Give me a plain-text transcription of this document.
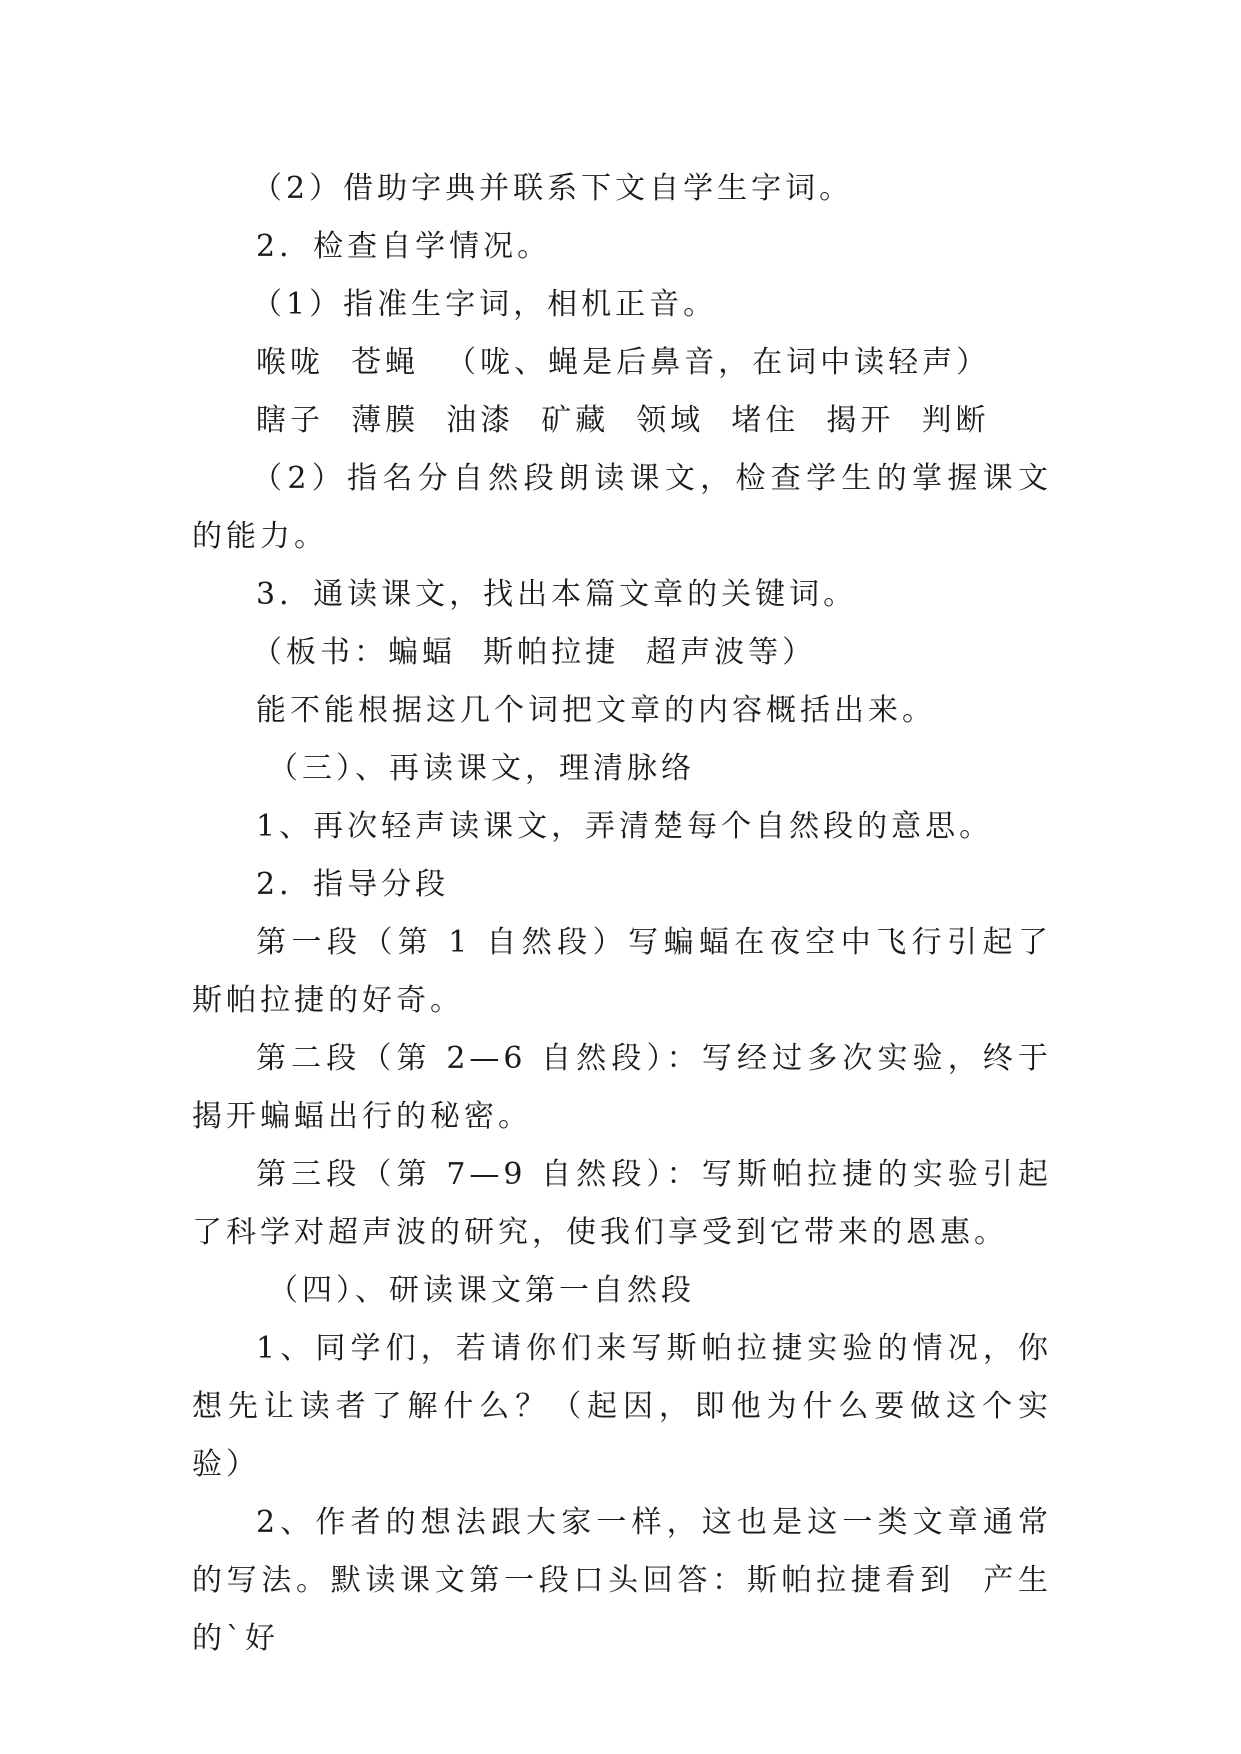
（2）借助字典并联系下文自学生字词。

2．检查自学情况。

（1）指准生字词，相机正音。

喉咙  苍蝇  （咙、蝇是后鼻音，在词中读轻声）

瞎子  薄膜  油漆  矿藏  领域  堵住  揭开  判断

（2）指名分自然段朗读课文，检查学生的掌握课文的能力。

3．通读课文，找出本篇文章的关键词。

（板书：蝙蝠  斯帕拉捷  超声波等）

能不能根据这几个词把文章的内容概括出来。

（三）、再读课文，理清脉络

1、再次轻声读课文，弄清楚每个自然段的意思。

2．指导分段

第一段（第 1 自然段）写蝙蝠在夜空中飞行引起了斯帕拉捷的好奇。

第二段（第 2—6 自然段）：写经过多次实验，终于揭开蝙蝠出行的秘密。

第三段（第 7—9 自然段）：写斯帕拉捷的实验引起了科学对超声波的研究，使我们享受到它带来的恩惠。

（四）、研读课文第一自然段

1、同学们，若请你们来写斯帕拉捷实验的情况，你想先让读者了解什么？（起因，即他为什么要做这个实验）

2、作者的想法跟大家一样，这也是这一类文章通常的写法。默读课文第一段口头回答：斯帕拉捷看到  产生的`好
